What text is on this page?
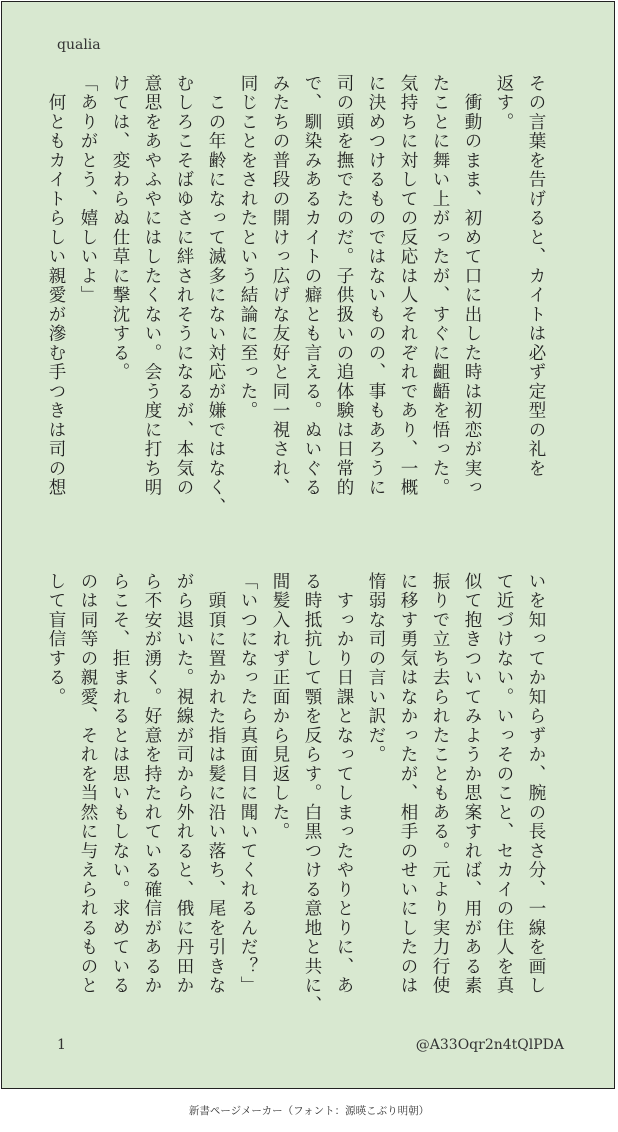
qualia

その言葉を告げると、カイトは必ず定型の礼を

返す。

　衝動のまま、初めて口に出した時は初恋が実っ

たことに舞い上がったが、すぐに齟齬を悟った。

気持ちに対しての反応は人それぞれであり、一概

に決めつけるものではないものの、事もあろうに

司の頭を撫でたのだ。子供扱いの追体験は日常的

で、馴染みあるカイトの癖とも言える。ぬいぐる

みたちの普段の開けっ広げな友好と同一視され、

同じことをされたという結論に至った。

　この年齢になって滅多にない対応が嫌ではなく、

むしろこそばゆさに絆されそうになるが、本気の

意思をあやふやにはしたくない。会う度に打ち明

けては、変わらぬ仕草に撃沈する。

「ありがとう、嬉しいよ」

　何ともカイトらしい親愛が滲む手つきは司の想

いを知ってか知らずか、腕の長さ分、一線を画し

て近づけない。いっそのこと、セカイの住人を真

似て抱きついてみようか思案すれば、用がある素

振りで立ち去られたこともある。元より実力行使

に移す勇気はなかったが、相手のせいにしたのは

惰弱な司の言い訳だ。

　すっかり日課となってしまったやりとりに、あ

る時抵抗して顎を反らす。白黒つける意地と共に、

間髪入れず正面から見返した。

「いつになったら真面目に聞いてくれるんだ？」

　頭頂に置かれた指は髪に沿い落ち、尾を引きな

がら退いた。視線が司から外れると、俄に丹田か

ら不安が湧く。好意を持たれている確信があるか

らこそ、拒まれるとは思いもしない。求めている

のは同等の親愛、それを当然に与えられるものと

して盲信する。

1	@A33Oqr2n4tQlPDA
新書ページメーカー（フォント：源暎こぶり明朝）
